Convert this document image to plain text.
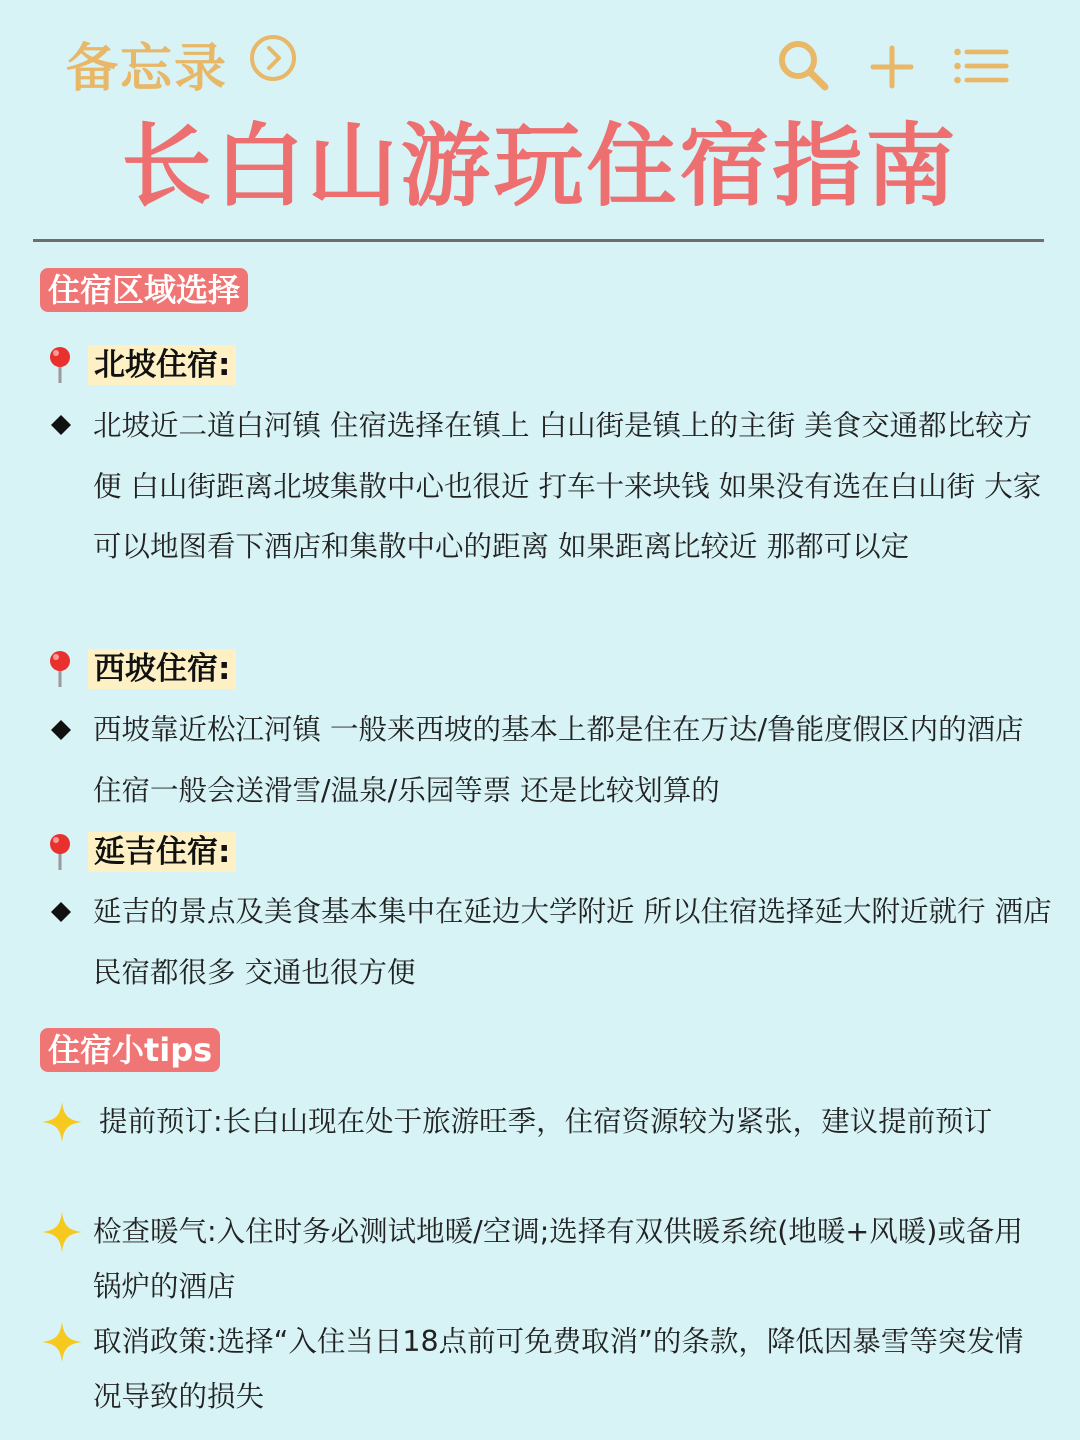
备忘录
长白山游玩住宿指南
住宿区域选择
北坡住宿:
北坡近二道白河镇 住宿选择在镇上 白山街是镇上的主街 美食交通都比较方便 白山街距离北坡集散中心也很近 打车十来块钱 如果没有选在白山街 大家可以地图看下酒店和集散中心的距离 如果距离比较近 那都可以定
西坡住宿:
西坡靠近松江河镇 一般来西坡的基本上都是住在万达/鲁能度假区内的酒店 住宿一般会送滑雪/温泉/乐园等票 还是比较划算的
延吉住宿:
延吉的景点及美食基本集中在延边大学附近 所以住宿选择延大附近就行 酒店民宿都很多 交通也很方便
住宿小tips
提前预订:长白山现在处于旅游旺季，住宿资源较为紧张，建议提前预订
检查暖气:入住时务必测试地暖/空调;选择有双供暖系统(地暖+风暖)或备用锅炉的酒店
取消政策:选择“入住当日18点前可免费取消”的条款，降低因暴雪等突发情况导致的损失
